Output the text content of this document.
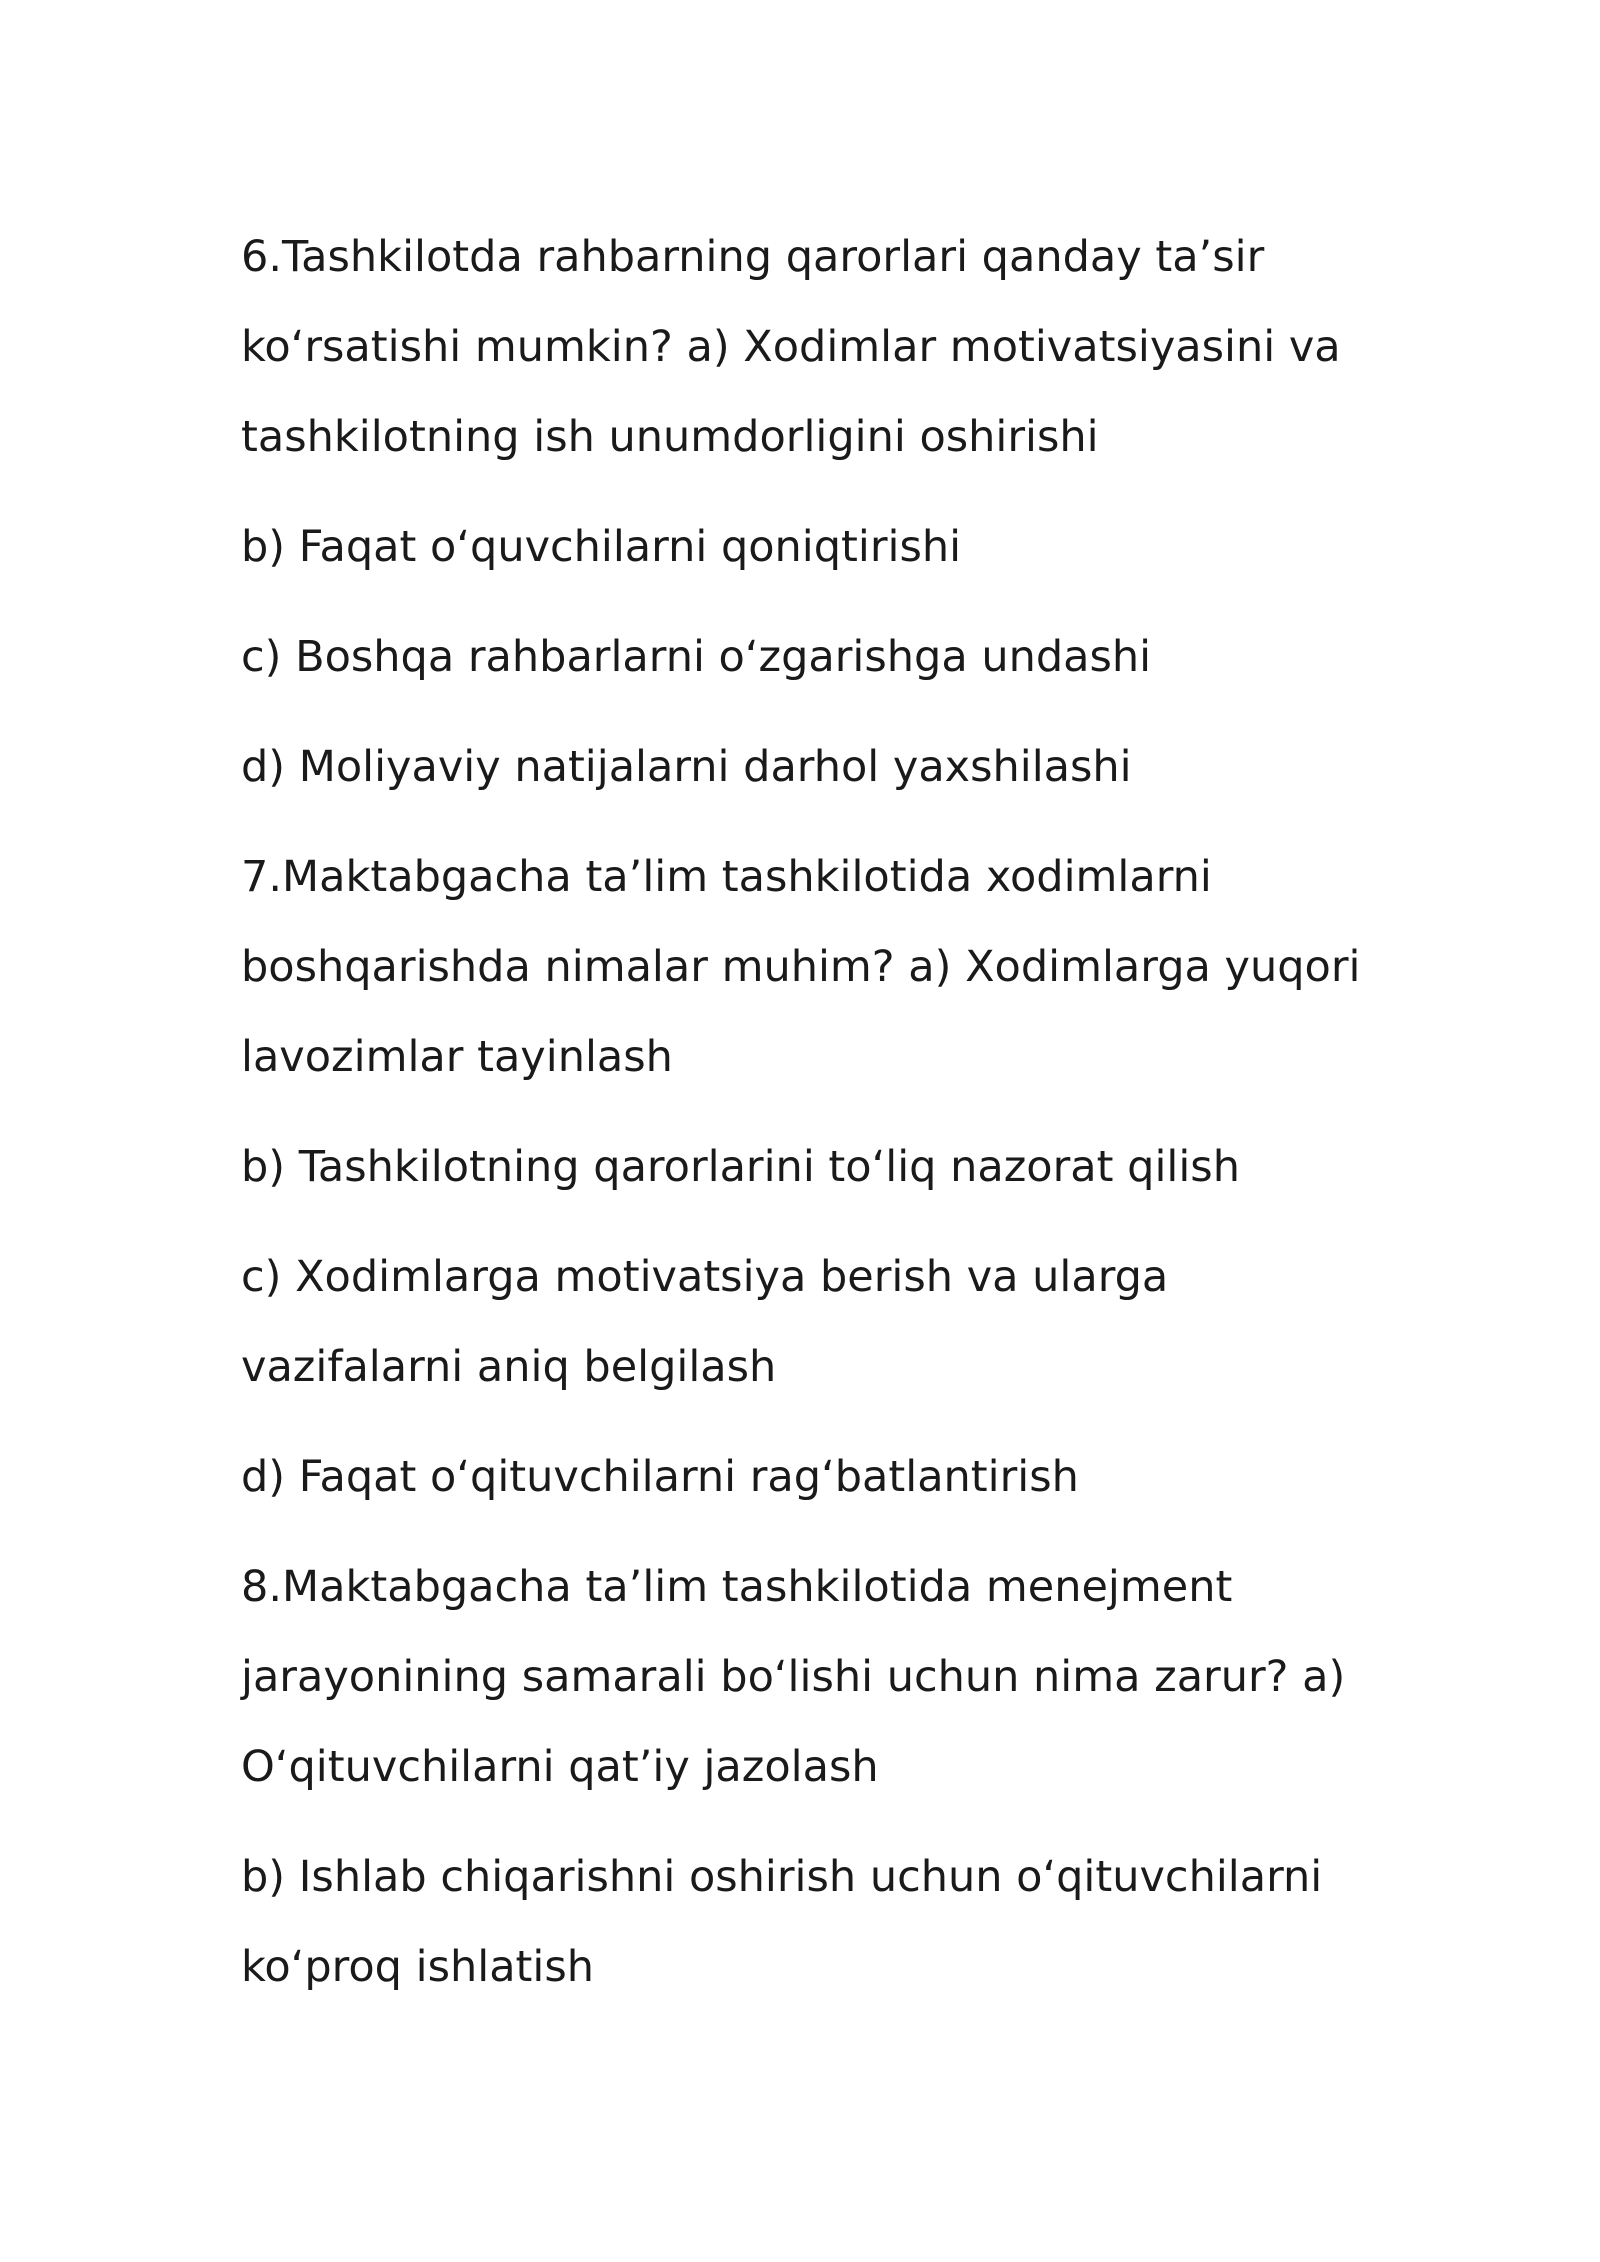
6.Tashkilotda rahbarning qarorlari qanday ta’sir ko‘rsatishi mumkin? a) Xodimlar motivatsiyasini va tashkilotning ish unumdorligini oshirishi

b) Faqat o‘quvchilarni qoniqtirishi

c) Boshqa rahbarlarni o‘zgarishga undashi

d) Moliyaviy natijalarni darhol yaxshilashi

7.Maktabgacha ta’lim tashkilotida xodimlarni boshqarishda nimalar muhim? a) Xodimlarga yuqori lavozimlar tayinlash

b) Tashkilotning qarorlarini to‘liq nazorat qilish

c) Xodimlarga motivatsiya berish va ularga vazifalarni aniq belgilash

d) Faqat o‘qituvchilarni rag‘batlantirish

8.Maktabgacha ta’lim tashkilotida menejment jarayonining samarali bo‘lishi uchun nima zarur? a) O‘qituvchilarni qat’iy jazolash

b) Ishlab chiqarishni oshirish uchun o‘qituvchilarni ko‘proq ishlatish
